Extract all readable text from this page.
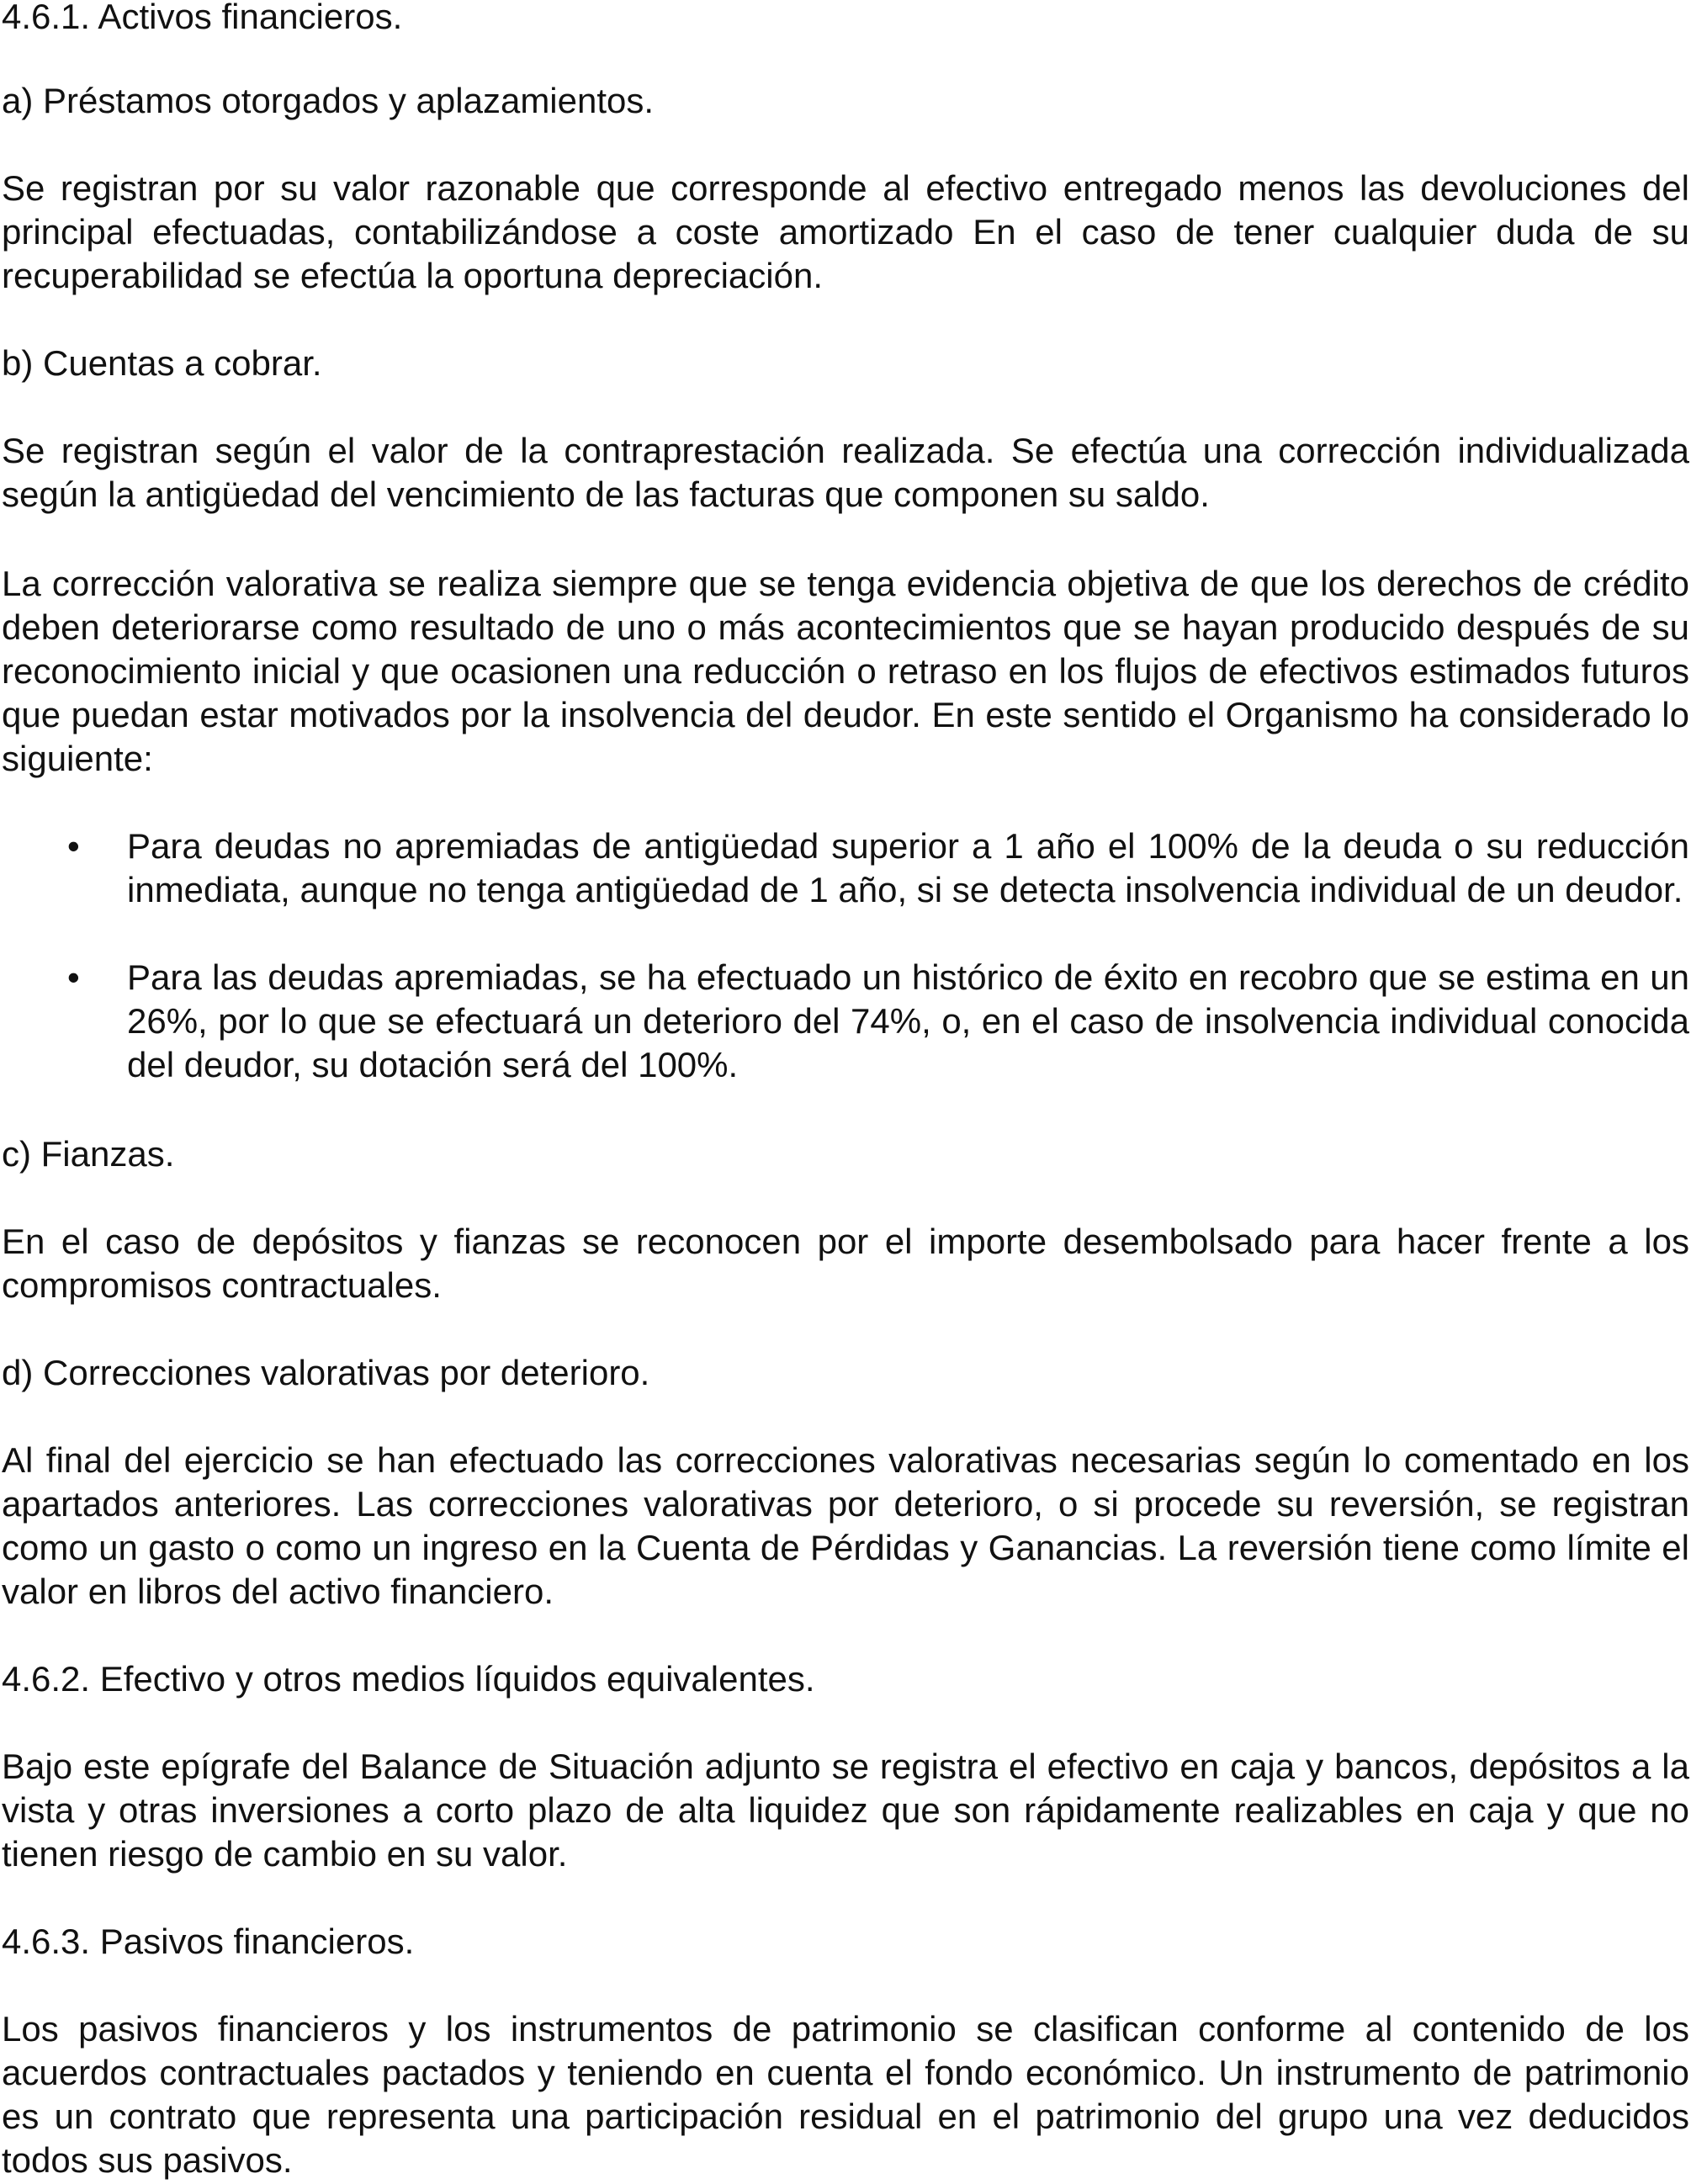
4.6.1. Activos financieros.
a) Préstamos otorgados y aplazamientos.

Se registran por su valor razonable que corresponde al efectivo entregado menos las devoluciones del principal efectuadas, contabilizándose a coste amortizado En el caso de tener cualquier duda de su recuperabilidad se efectúa la oportuna depreciación.

b) Cuentas a cobrar.

Se registran según el valor de la contraprestación realizada. Se efectúa una corrección individualizada según la antigüedad del vencimiento de las facturas que componen su saldo.

La corrección valorativa se realiza siempre que se tenga evidencia objetiva de que los derechos de crédito deben deteriorarse como resultado de uno o más acontecimientos que se hayan producido después de su reconocimiento inicial y que ocasionen una reducción o retraso en los flujos de efectivos estimados futuros que puedan estar motivados por la insolvencia del deudor. En este sentido el Organismo ha considerado lo siguiente:

• Para deudas no apremiadas de antigüedad superior a 1 año el 100% de la deuda o su reducción inmediata, aunque no tenga antigüedad de 1 año, si se detecta insolvencia individual de un deudor.

• Para las deudas apremiadas, se ha efectuado un histórico de éxito en recobro que se estima en un 26%, por lo que se efectuará un deterioro del 74%, o, en el caso de insolvencia individual conocida del deudor, su dotación será del 100%.

c) Fianzas.

En el caso de depósitos y fianzas se reconocen por el importe desembolsado para hacer frente a los compromisos contractuales.

d) Correcciones valorativas por deterioro.

Al final del ejercicio se han efectuado las correcciones valorativas necesarias según lo comentado en los apartados anteriores. Las correcciones valorativas por deterioro, o si procede su reversión, se registran como un gasto o como un ingreso en la Cuenta de Pérdidas y Ganancias. La reversión tiene como límite el valor en libros del activo financiero.

4.6.2. Efectivo y otros medios líquidos equivalentes.

Bajo este epígrafe del Balance de Situación adjunto se registra el efectivo en caja y bancos, depósitos a la vista y otras inversiones a corto plazo de alta liquidez que son rápidamente realizables en caja y que no tienen riesgo de cambio en su valor.

4.6.3. Pasivos financieros.

Los pasivos financieros y los instrumentos de patrimonio se clasifican conforme al contenido de los acuerdos contractuales pactados y teniendo en cuenta el fondo económico. Un instrumento de patrimonio es un contrato que representa una participación residual en el patrimonio del grupo una vez deducidos todos sus pasivos.
